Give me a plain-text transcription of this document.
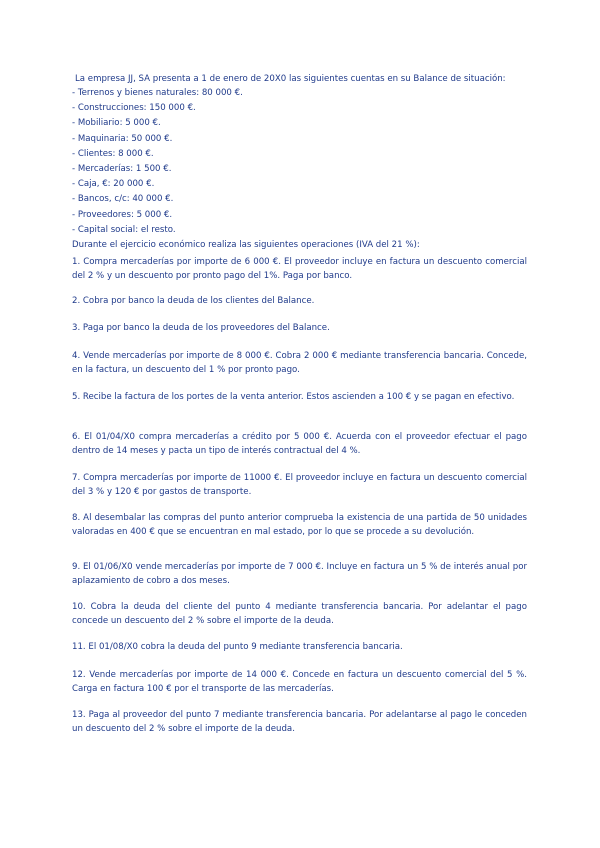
La empresa JJ, SA presenta a 1 de enero de 20X0 las siguientes cuentas en su Balance de situación:
- Terrenos y bienes naturales: 80 000 €.
- Construcciones: 150 000 €.
- Mobiliario: 5 000 €.
- Maquinaria: 50 000 €.
- Clientes: 8 000 €.
- Mercaderías: 1 500 €.
- Caja, €: 20 000 €.
- Bancos, c/c: 40 000 €.
- Proveedores: 5 000 €.
- Capital social: el resto.
Durante el ejercicio económico realiza las siguientes operaciones (IVA del 21 %):
1. Compra mercaderías por importe de 6 000 €. El proveedor incluye en factura un descuento comercial del 2 % y un descuento por pronto pago del 1%. Paga por banco.
2. Cobra por banco la deuda de los clientes del Balance.
3. Paga por banco la deuda de los proveedores del Balance.
4. Vende mercaderías por importe de 8 000 €. Cobra 2 000 € mediante transferencia bancaria. Concede, en la factura, un descuento del 1 % por pronto pago.
5. Recibe la factura de los portes de la venta anterior. Estos ascienden a 100 € y se pagan en efectivo.
6. El 01/04/X0 compra mercaderías a crédito por 5 000 €. Acuerda con el proveedor efectuar el pago dentro de 14 meses y pacta un tipo de interés contractual del 4 %.
7. Compra mercaderías por importe de 11000 €. El proveedor incluye en factura un descuento comercial del 3 % y 120 € por gastos de transporte.
8. Al desembalar las compras del punto anterior comprueba la existencia de una partida de 50 unidades valoradas en 400 € que se encuentran en mal estado, por lo que se procede a su devolución.
9. El 01/06/X0 vende mercaderías por importe de 7 000 €. Incluye en factura un 5 % de interés anual por aplazamiento de cobro a dos meses.
10. Cobra la deuda del cliente del punto 4 mediante transferencia bancaria. Por adelantar el pago concede un descuento del 2 % sobre el importe de la deuda.
11. El 01/08/X0 cobra la deuda del punto 9 mediante transferencia bancaria.
12. Vende mercaderías por importe de 14 000 €. Concede en factura un descuento comercial del 5 %. Carga en factura 100 € por el transporte de las mercaderías.
13. Paga al proveedor del punto 7 mediante transferencia bancaria. Por adelantarse al pago le conceden un descuento del 2 % sobre el importe de la deuda.
